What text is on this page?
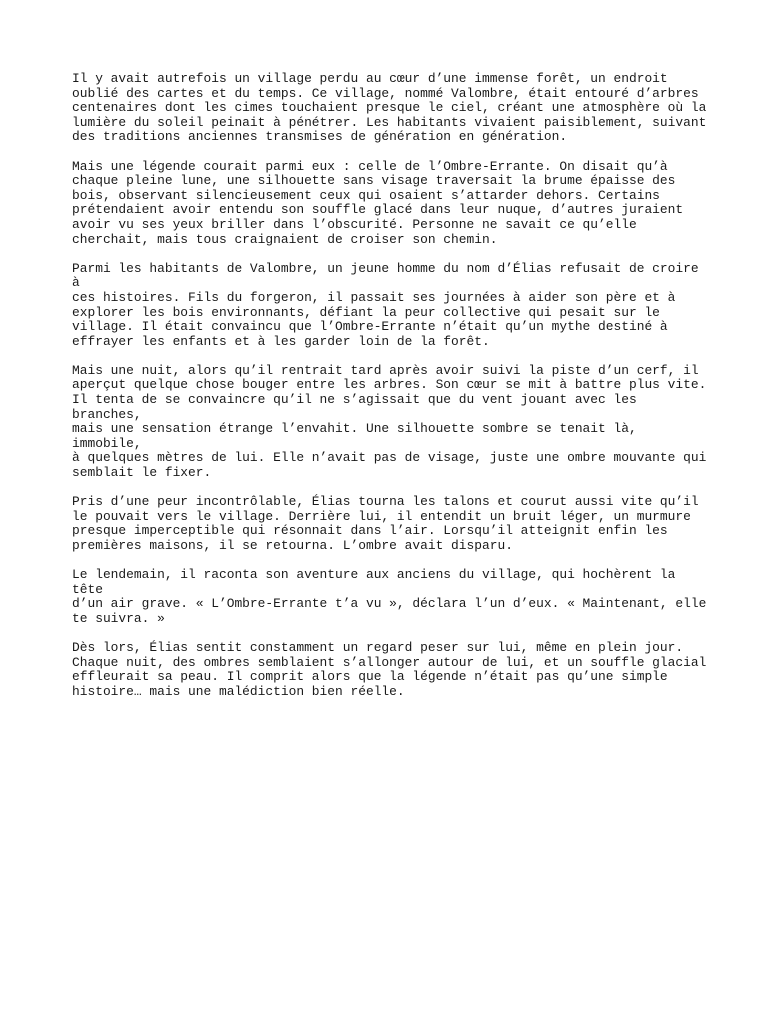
Il y avait autrefois un village perdu au cœur d’une immense forêt, un endroit
oublié des cartes et du temps. Ce village, nommé Valombre, était entouré d’arbres
centenaires dont les cimes touchaient presque le ciel, créant une atmosphère où la
lumière du soleil peinait à pénétrer. Les habitants vivaient paisiblement, suivant
des traditions anciennes transmises de génération en génération.

Mais une légende courait parmi eux : celle de l’Ombre-Errante. On disait qu’à
chaque pleine lune, une silhouette sans visage traversait la brume épaisse des
bois, observant silencieusement ceux qui osaient s’attarder dehors. Certains
prétendaient avoir entendu son souffle glacé dans leur nuque, d’autres juraient
avoir vu ses yeux briller dans l’obscurité. Personne ne savait ce qu’elle
cherchait, mais tous craignaient de croiser son chemin.

Parmi les habitants de Valombre, un jeune homme du nom d’Élias refusait de croire à
ces histoires. Fils du forgeron, il passait ses journées à aider son père et à
explorer les bois environnants, défiant la peur collective qui pesait sur le
village. Il était convaincu que l’Ombre-Errante n’était qu’un mythe destiné à
effrayer les enfants et à les garder loin de la forêt.

Mais une nuit, alors qu’il rentrait tard après avoir suivi la piste d’un cerf, il
aperçut quelque chose bouger entre les arbres. Son cœur se mit à battre plus vite.
Il tenta de se convaincre qu’il ne s’agissait que du vent jouant avec les branches,
mais une sensation étrange l’envahit. Une silhouette sombre se tenait là, immobile,
à quelques mètres de lui. Elle n’avait pas de visage, juste une ombre mouvante qui
semblait le fixer.

Pris d’une peur incontrôlable, Élias tourna les talons et courut aussi vite qu’il
le pouvait vers le village. Derrière lui, il entendit un bruit léger, un murmure
presque imperceptible qui résonnait dans l’air. Lorsqu’il atteignit enfin les
premières maisons, il se retourna. L’ombre avait disparu.

Le lendemain, il raconta son aventure aux anciens du village, qui hochèrent la tête
d’un air grave. « L’Ombre-Errante t’a vu », déclara l’un d’eux. « Maintenant, elle
te suivra. »

Dès lors, Élias sentit constamment un regard peser sur lui, même en plein jour.
Chaque nuit, des ombres semblaient s’allonger autour de lui, et un souffle glacial
effleurait sa peau. Il comprit alors que la légende n’était pas qu’une simple
histoire… mais une malédiction bien réelle.
